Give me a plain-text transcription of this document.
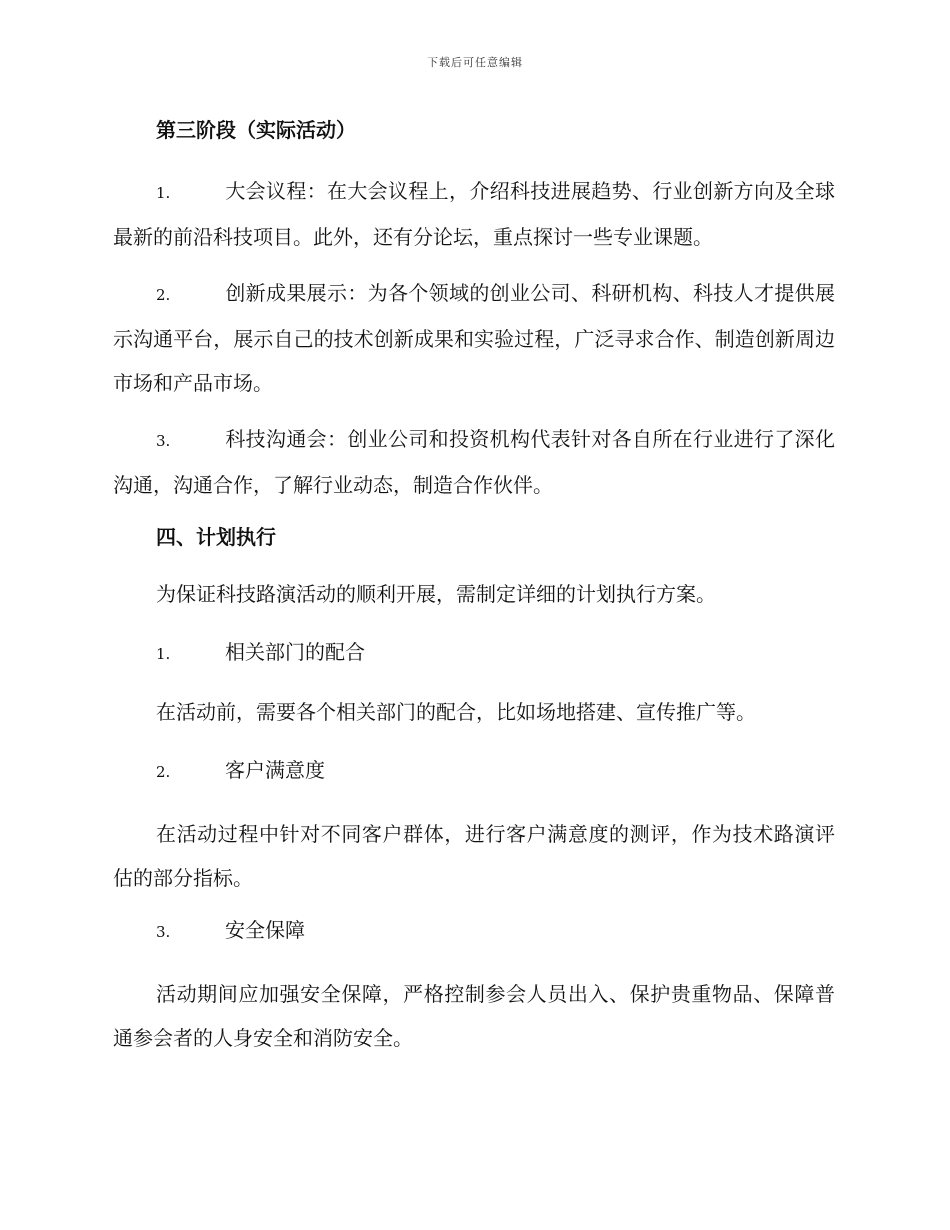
下载后可任意编辑
第三阶段（实际活动）

1.	大会议程：在大会议程上，介绍科技进展趋势、行业创新方向及全球最新的前沿科技项目。此外，还有分论坛，重点探讨一些专业课题。

2.	创新成果展示：为各个领域的创业公司、科研机构、科技人才提供展示沟通平台，展示自己的技术创新成果和实验过程，广泛寻求合作、制造创新周边市场和产品市场。

3.	科技沟通会：创业公司和投资机构代表针对各自所在行业进行了深化沟通，沟通合作，了解行业动态，制造合作伙伴。

四、计划执行

为保证科技路演活动的顺利开展，需制定详细的计划执行方案。

1.	相关部门的配合

在活动前，需要各个相关部门的配合，比如场地搭建、宣传推广等。

2.	客户满意度

在活动过程中针对不同客户群体，进行客户满意度的测评，作为技术路演评估的部分指标。

3.	安全保障

活动期间应加强安全保障，严格控制参会人员出入、保护贵重物品、保障普通参会者的人身安全和消防安全。
